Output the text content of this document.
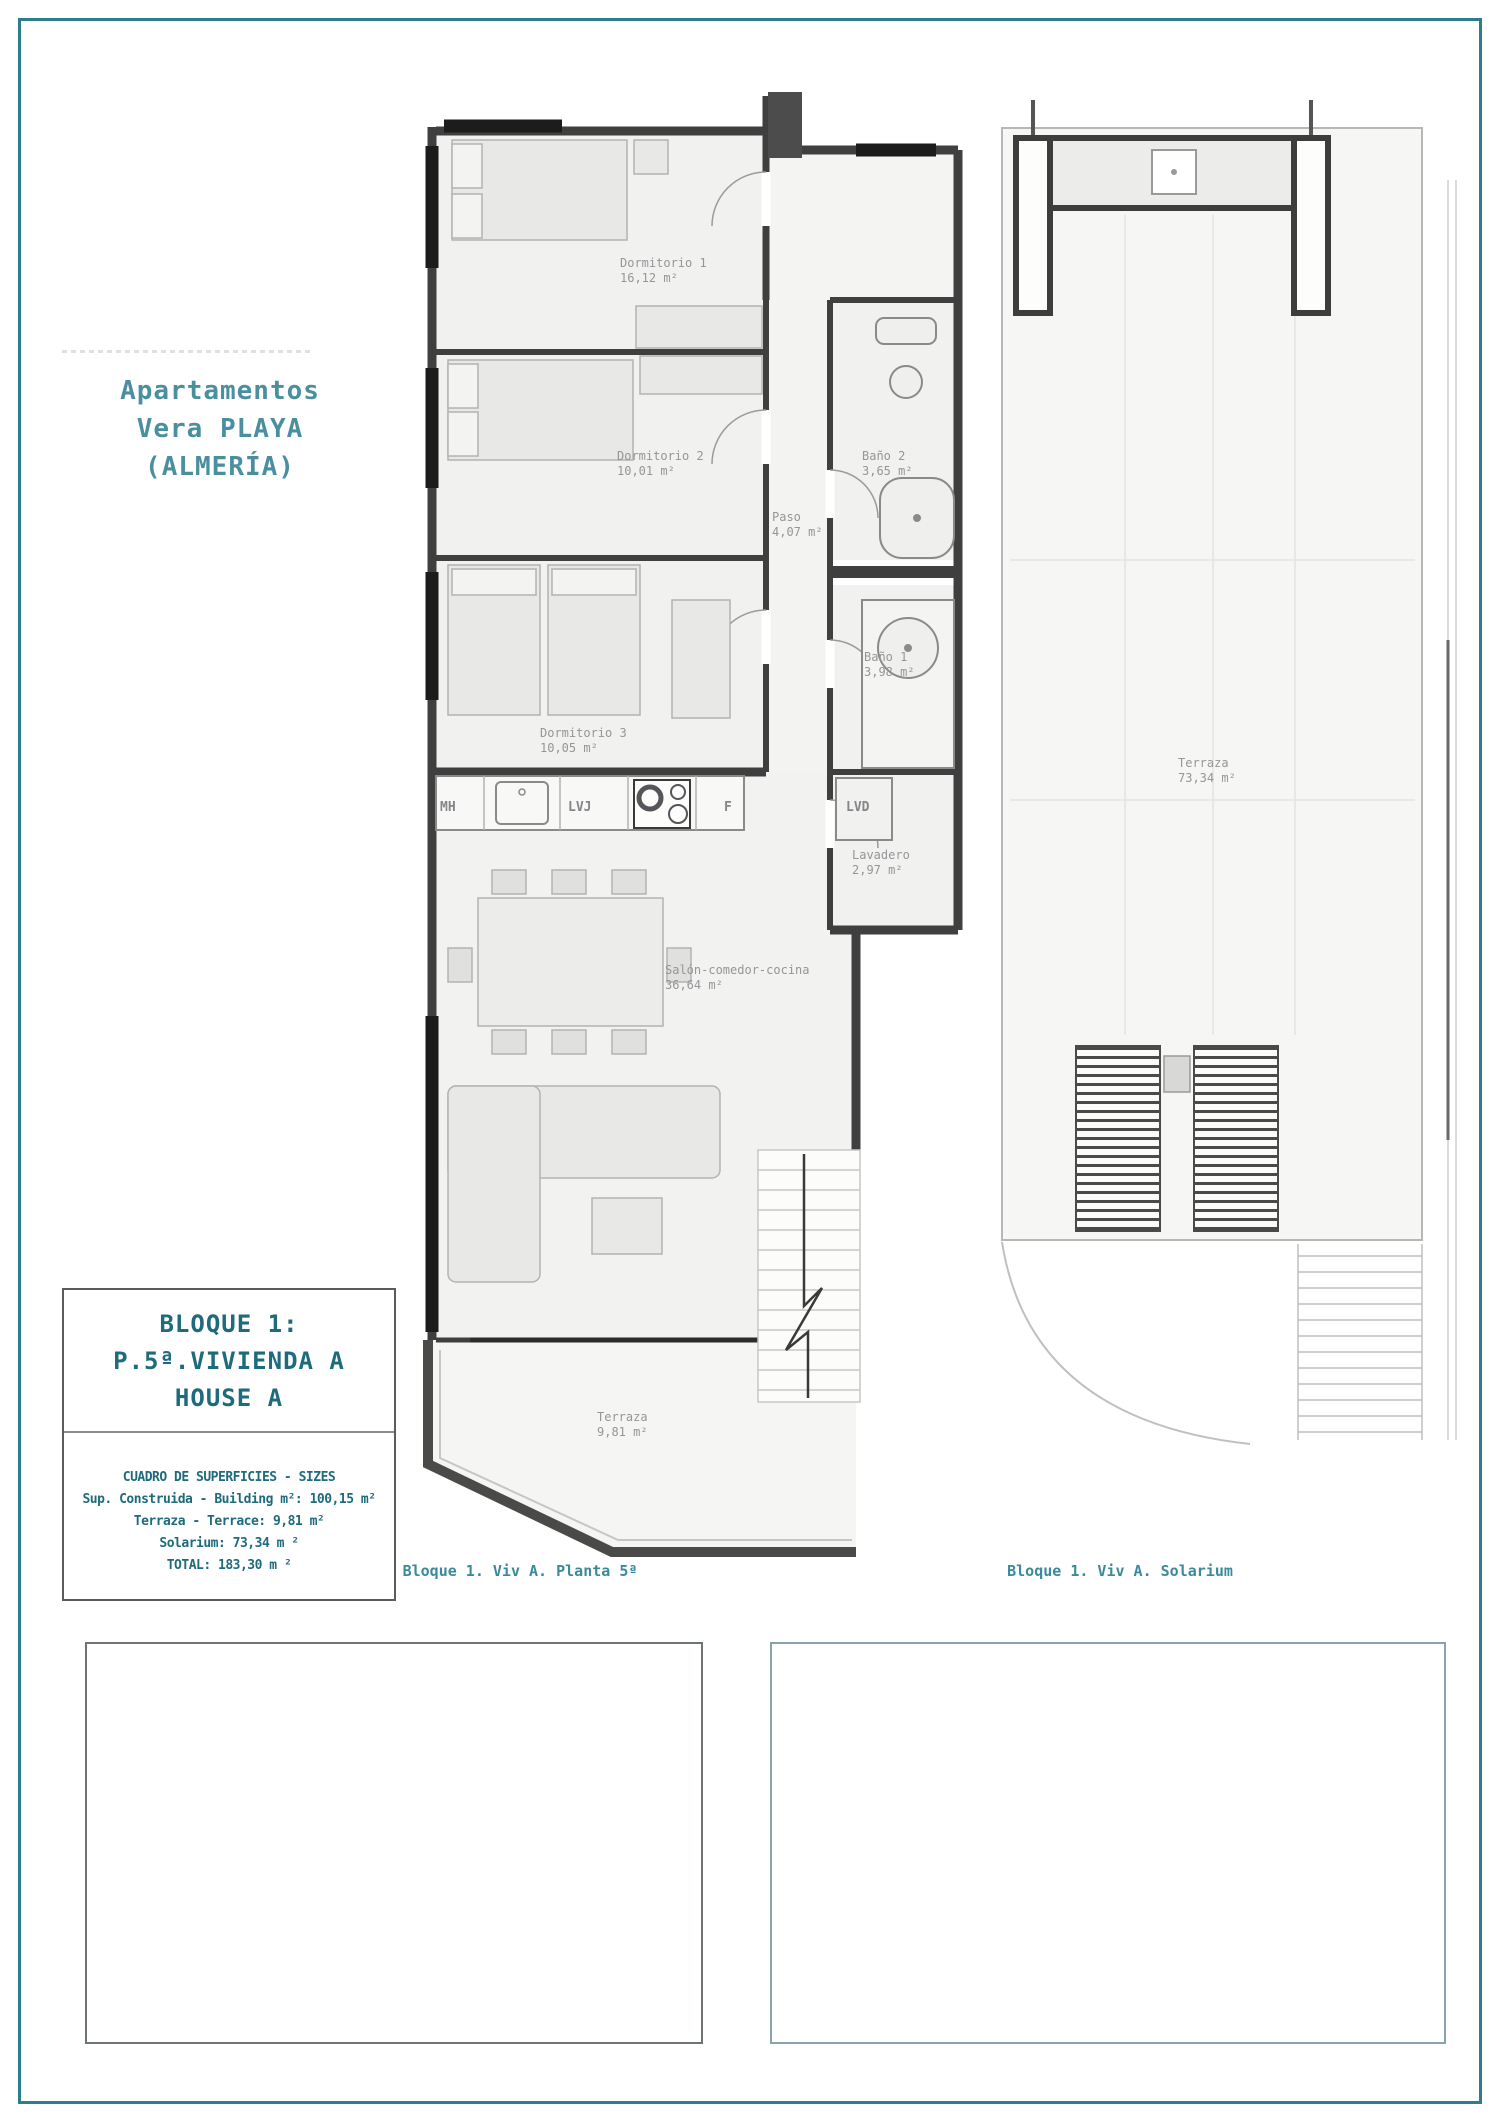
Apartamentos
Vera PLAYA
(ALMERÍA)
Dormitorio 1
16,12 m²
Dormitorio 2
10,01 m²
Baño 2
3,65 m²
Paso
4,07 m²
Baño 1
3,98 m²
Dormitorio 3
10,05 m²
Lavadero
2,97 m²
Salón-comedor-cocina
36,64 m²
Terraza
9,81 m²
Terraza
73,34 m²
MH	LVJ	F	LVD
BLOQUE 1:
P.5ª.VIVIENDA A
HOUSE A
CUADRO DE SUPERFICIES - SIZES
Sup. Construida - Building m²: 100,15 m²
Terraza - Terrace: 9,81 m²
Solarium: 73,34 m ²
TOTAL: 183,30 m ²	Bloque 1. Viv A. Planta 5ª	Bloque 1. Viv A. Solarium
